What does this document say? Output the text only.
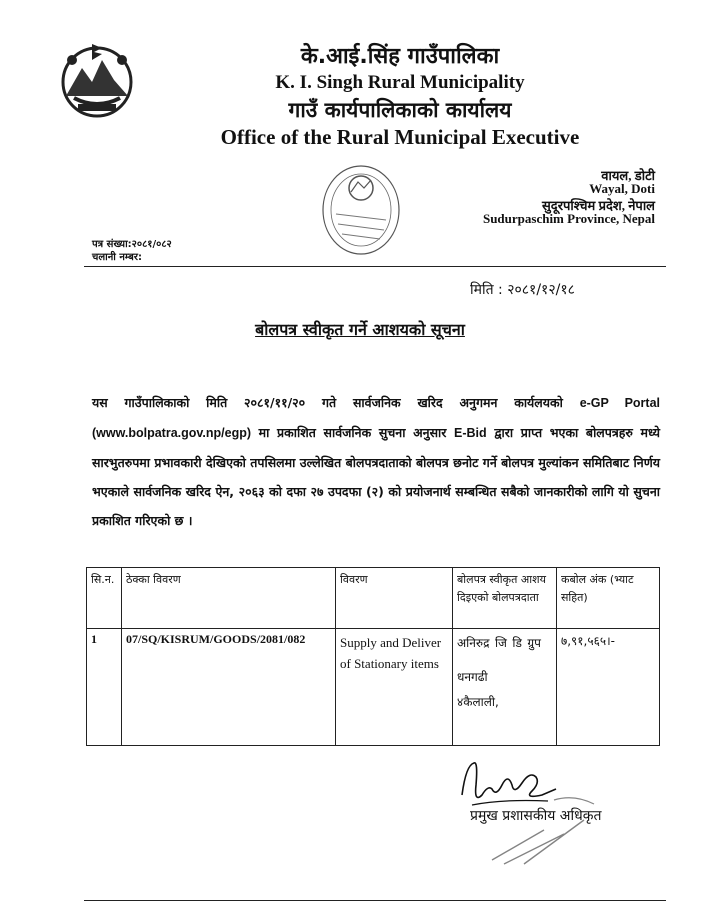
के.आई.सिंह गाउँपालिका
K. I. Singh Rural Municipality
गाउँ कार्यपालिकाको कार्यालय
Office of the Rural Municipal Executive
वायल, डोटी
Wayal, Doti
सुदूरपश्चिम प्रदेश, नेपाल
Sudurpaschim Province, Nepal
पत्र संख्या:२०८१/०८२
चलानी नम्बर:
मिति : २०८१/१२/१८
बोलपत्र स्वीकृत गर्ने आशयको सूचना
यस गाउँपालिकाको मिति २०८१/११/२० गते सार्वजनिक खरिद अनुगमन कार्यलयको e-GP Portal (www.bolpatra.gov.np/egp) मा प्रकाशित सार्वजनिक सुचना अनुसार E-Bid द्वारा प्राप्त भएका बोलपत्रहरु मध्ये सारभुतरुपमा प्रभावकारी देखिएको तपसिलमा उल्लेखित बोलपत्रदाताको बोलपत्र छनोट गर्ने बोलपत्र मुल्यांकन समितिबाट निर्णय भएकाले सार्वजनिक खरिद ऐन, २०६३ को दफा २७ उपदफा (२) को प्रयोजनार्थ सम्बन्धित सबैको जानकारीको लागि यो सुचना प्रकाशित गरिएको छ ।
सि.न.	ठेक्का विवरण	विवरण	बोलपत्र स्वीकृत आशय दिइएको बोलपत्रदाता	कबोल अंक (भ्याट सहित)
1	07/SQ/KISRUM/GOODS/2081/082	Supply and Deliver of Stationary items	अनिरुद्र जि डि ग्रुप
धनगढी
४कैलाली,	७,९१,५६५।-
प्रमुख प्रशासकीय अधिकृत
